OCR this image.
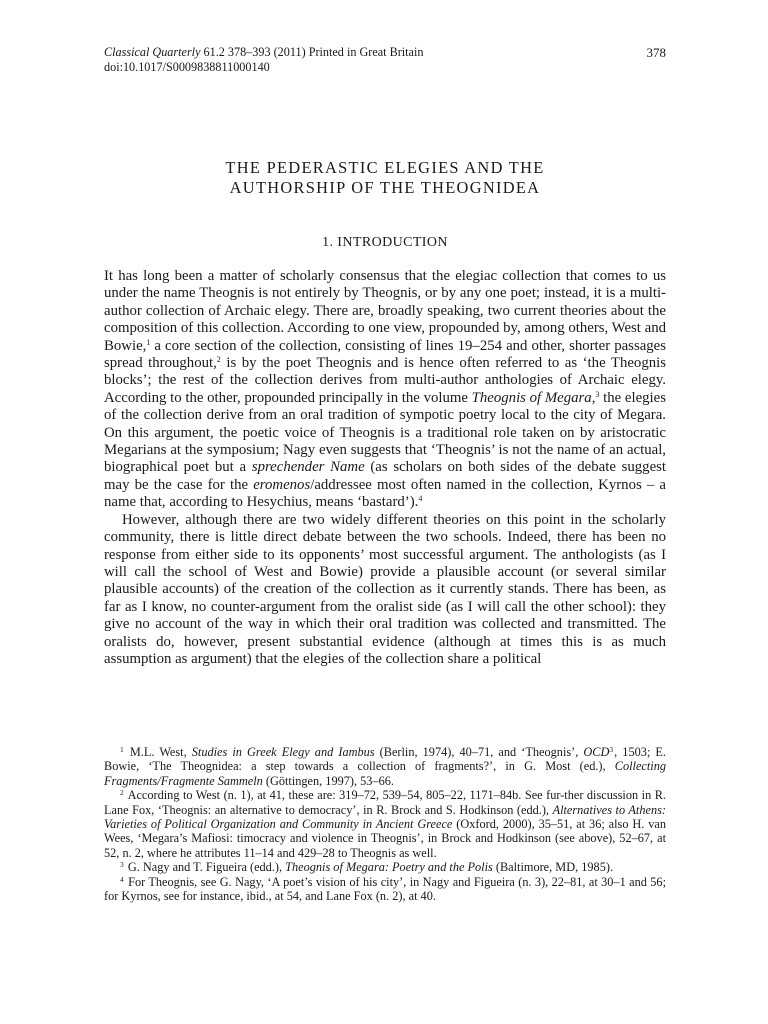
Classical Quarterly 61.2 378–393 (2011) Printed in Great Britain
doi:10.1017/S0009838811000140
378
THE PEDERASTIC ELEGIES AND THE
AUTHORSHIP OF THE THEOGNIDEA
1. INTRODUCTION

It has long been a matter of scholarly consensus that the elegiac collection that comes to us under the name Theognis is not entirely by Theognis, or by any one poet; instead, it is a multi-author collection of Archaic elegy. There are, broadly speaking, two current theories about the composition of this collection. According to one view, propounded by, among others, West and Bowie,$^1$ a core section of the collection, consisting of lines 19–254 and other, shorter passages spread throughout,$^2$ is by the poet Theognis and is hence often referred to as ‘the Theognis blocks’; the rest of the collection derives from multi-author anthologies of Archaic elegy. According to the other, propounded principally in the volume Theognis of Megara,$^3$ the elegies of the collection derive from an oral tradition of sympotic poetry local to the city of Megara. On this argument, the poetic voice of Theognis is a traditional role taken on by aristocratic Megarians at the symposium; Nagy even suggests that ‘Theognis’ is not the name of an actual, biographical poet but a sprechender Name (as scholars on both sides of the debate suggest may be the case for the eromenos/addressee most often named in the collection, Kyrnos – a name that, according to Hesychius, means ‘bastard’).$^4$

However, although there are two widely different theories on this point in the scholarly community, there is little direct debate between the two schools. Indeed, there has been no response from either side to its opponents’ most successful argument. The anthologists (as I will call the school of West and Bowie) provide a plausible account (or several similar plausible accounts) of the creation of the collection as it currently stands. There has been, as far as I know, no counter-argument from the oralist side (as I will call the other school): they give no account of the way in which their oral tradition was collected and transmitted. The oralists do, however, present substantial evidence (although at times this is as much assumption as argument) that the elegies of the collection share a political

$^1$ M.L. West, Studies in Greek Elegy and Iambus (Berlin, 1974), 40–71, and ‘Theognis’, OCD$^3$, 1503; E. Bowie, ‘The Theognidea: a step towards a collection of fragments?’, in G. Most (ed.), Collecting Fragments/Fragmente Sammeln (Göttingen, 1997), 53–66.

$^2$ According to West (n. 1), at 41, these are: 319–72, 539–54, 805–22, 1171–84b. See fur-ther discussion in R. Lane Fox, ‘Theognis: an alternative to democracy’, in R. Brock and S. Hodkinson (edd.), Alternatives to Athens: Varieties of Political Organization and Community in Ancient Greece (Oxford, 2000), 35–51, at 36; also H. van Wees, ‘Megara’s Mafiosi: timocracy and violence in Theognis’, in Brock and Hodkinson (see above), 52–67, at 52, n. 2, where he attributes 11–14 and 429–28 to Theognis as well.

$^3$ G. Nagy and T. Figueira (edd.), Theognis of Megara: Poetry and the Polis (Baltimore, MD, 1985).

$^4$ For Theognis, see G. Nagy, ‘A poet’s vision of his city’, in Nagy and Figueira (n. 3), 22–81, at 30–1 and 56; for Kyrnos, see for instance, ibid., at 54, and Lane Fox (n. 2), at 40.
